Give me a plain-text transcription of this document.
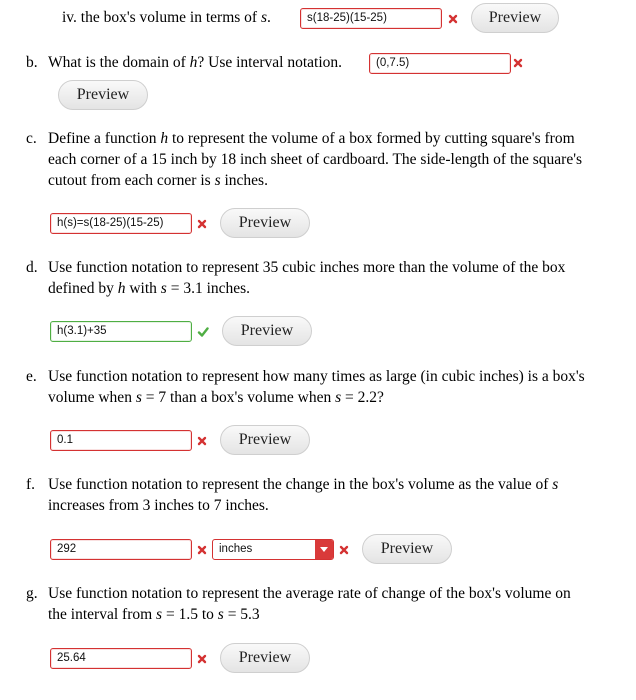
iv. the box's volume in terms of s.	s(18-25)(15-25)	Preview
b. What is the domain of h? Use interval notation.	(0,7.5)
Preview
c. Define a function h to represent the volume of a box formed by cutting square's from
each corner of a 15 inch by 18 inch sheet of cardboard. The side-length of the square's
cutout from each corner is s inches.
h(s)=s(18-25)(15-25)	Preview
d. Use function notation to represent 35 cubic inches more than the volume of the box
defined by h with s = 3.1 inches.
h(3.1)+35	Preview
e. Use function notation to represent how many times as large (in cubic inches) is a box's
volume when s = 7 than a box's volume when s = 2.2?
0.1	Preview
f. Use function notation to represent the change in the box's volume as the value of s
increases from 3 inches to 7 inches.
292	inches	Preview
g. Use function notation to represent the average rate of change of the box's volume on
the interval from s = 1.5 to s = 5.3
25.64	Preview
